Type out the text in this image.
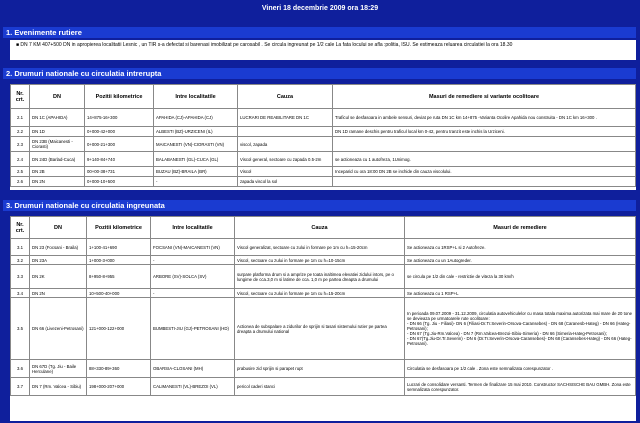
Vineri 18 decembrie 2009 ora 18:29
1. Evenimente rutiere
■ DN 7 KM 407+500 DN in apropierea localitatii Lesnic , un TIR s-a defectat si barenasi imobilizat pe carosabil . Se circula ingreunat pe 1/2 cale La fata locului se afla :politia, ISU. Se estimeaza reluarea circulatiei la ora 18.30
2. Drumuri nationale cu circulatia intrerupta
Nr. crt.	DN	Pozitii kilometrice	Intre localitatile	Cauza	Masuri de remediere si variante ocolitoare
2.1	DN 1C (APAHIDA)	14+875-16+300	APAHIDA (CJ)-APAHIDA (CJ)	LUCRARI DE REABILITARE DN 1C	Traficul se desfasoara in ambele sensuri, deviat pe ruta DN 1C km 14+875 -Varianta Ocolire Apahida nou construita - DN 1C km 16+300 .
2.2	DN 1D	0+000-42+000	ALBESTI (BZ)-URZICENI (IL)		DN 1D ramane deschis pentru traficul local km 0-42, pentru tranzit este inchis la Urziceni.
2.3	DN 23B (Maicanesti - Ciorasti)	0+000-21+300	MAICANESTI (VN)-CIORASTI (VN)	viscol, zapada	
2.4	DN 24D (Barlad-Cuca)	9+140-84+740	BALABANESTI (GL)-CUCA (GL)	Viscol general, sectoare cu zapada 0.5-2m	se actioneaza cu 1 autofreza, 1Unimog.
2.5	DN 2B	00+00-38+731	BUZAU (BZ)-BRAILA (BR)	Viscol	Inceparid cu ora 18:00 DN 2B se inchide din cauza viscolului.
2.6	DN 2N	0+000-10+500	-	zapada viscol la sol	
3. Drumuri nationale cu circulatia ingreunata
Nr. crt.	DN	Pozitii kilometrice	Intre localitatile	Cauza	Masuri de remediere
3.1	DN 23 (Focsani - Braila)	1+100-41+690	FOCSANI (VN)-MAICANESTI (VN)	Viscol generalizat, sectoare cu zului in formare pe 1m cu h=15-20cm	Se actioneaza cu 1RSP+L si 2 Autofreze.
3.2	DN 23A	1+000-3+000	-	Viscol, sectoare cu zului in formare pe 1m cu h=10-15cm	Se actioneaza cu un 1Autogreder.
3.3	DN 2K	8+950-8+955	ARBORE (SV)-SOLCA (SV)	surpare platforma drum si a amprize pe toata inaltimea elevatiei zidului intors, pe o lungime de cca.3,0 m si latime de cca. 1,0 m pe partea dreapta a drumului	se circula pe 1/2 din cale - restrictie de viteza la 30 km/h
3.4	DN 2N	10+500-40+000	-	Viscol, sectoare cu zului in formare pe 1m cu h=15-20cm	Se actioneaza cu 1 RSP+L
3.5	DN 66 (Livezeni-Petrosani)	121+000-122+000	BUMBESTI-JIU (GJ)-PETROSANI (HD)	Actionea de subspalare a zidurilor de sprijin si tasari sistemului rutier pe partea dreapta a drumului national	In perioada 09.07.2009 - 31.12.2009, circulatia autovehiculelor cu masa totala maxima autorizata mai mare de 20 tone se devieaza pe urmatoarele rute ocolitoare:
- DN 66 (Tg. Jiu - Filiasi)- DN 6 (Filiasi-Dr.Tr.Severin-Orsova-Caransebes) - DN 68 (Caranesb-Hateg) - DN 66 (Hateg-Petrosani);
- DN 67 (Tg.Jiu-Rm.Valcea) - DN 7 (Rm.Valcea-Brezoi-Sibiu-Simeria) - DN 66 (Simeria-Hateg-Petrosani);
- DN 67(Tg.Jiu-Dr.Tr.Severin) - DN 6 (Dr.Tr.Severin-Orsova-Caransebes)- DN 68 (Caransebes-Hateg) - DN 66 (Hateg-Petrosani).
3.6	DN 67D (Tg. Jiu - Baile Herculane)	88+330-89+360	OBARSIA-CLOSANI (MH)	prabusire zid sprijin si parapet rupt	Circulatia se desfasoara pe 1/2 cale . Zona este semnalizata corespunzator .
3.7	DN 7 (Rm. Valcea - Sibiu)	198+000-207+000	CALIMANESTI (VL)-BREZOI (VL)	pericol caderi stanci	Lucrari de consolidare versanti. Termen de finalizare 15 mai 2010. Constructor SACHSISCHE BAU GMBH. Zona este semnalizata corespunzator.
